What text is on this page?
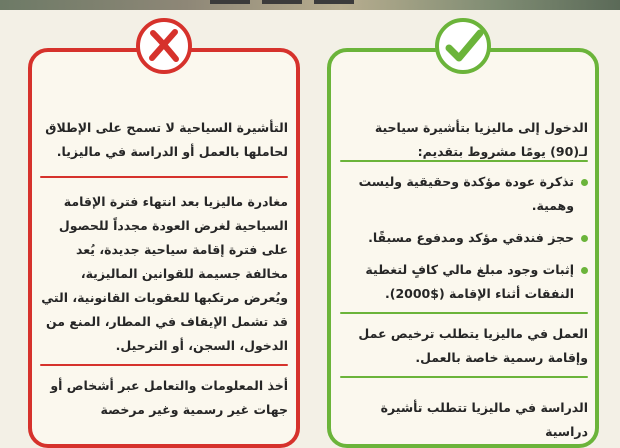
التأشيرة السياحية لا تسمح على الإطلاق لحاملها بالعمل أو الدراسة في ماليزيا.
مغادرة ماليزيا بعد انتهاء فترة الإقامة السياحية لغرض العودة مجدداً للحصول على فترة إقامة سياحية جديدة، يُعد مخالفة جسيمة للقوانين الماليزية، ويُعرض مرتكبها للعقوبات القانونية، التي قد تشمل الإيقاف في المطار، المنع من الدخول، السجن، أو الترحيل.
أخذ المعلومات والتعامل عبر أشخاص أو جهات غير رسمية وغير مرخصة
الدخول إلى ماليزيا بتأشيرة سياحية لـ(90) يومًا مشروط بتقديم:
تذكرة عودة مؤكدة وحقيقية وليست وهمية.
حجز فندقي مؤكد ومدفوع مسبقًا.
إثبات وجود مبلغ مالي كافٍ لتغطية النفقات أثناء الإقامة ($2000).
العمل في ماليزيا يتطلب ترخيص عمل وإقامة رسمية خاصة بالعمل.
الدراسة في ماليزيا تتطلب تأشيرة دراسية
